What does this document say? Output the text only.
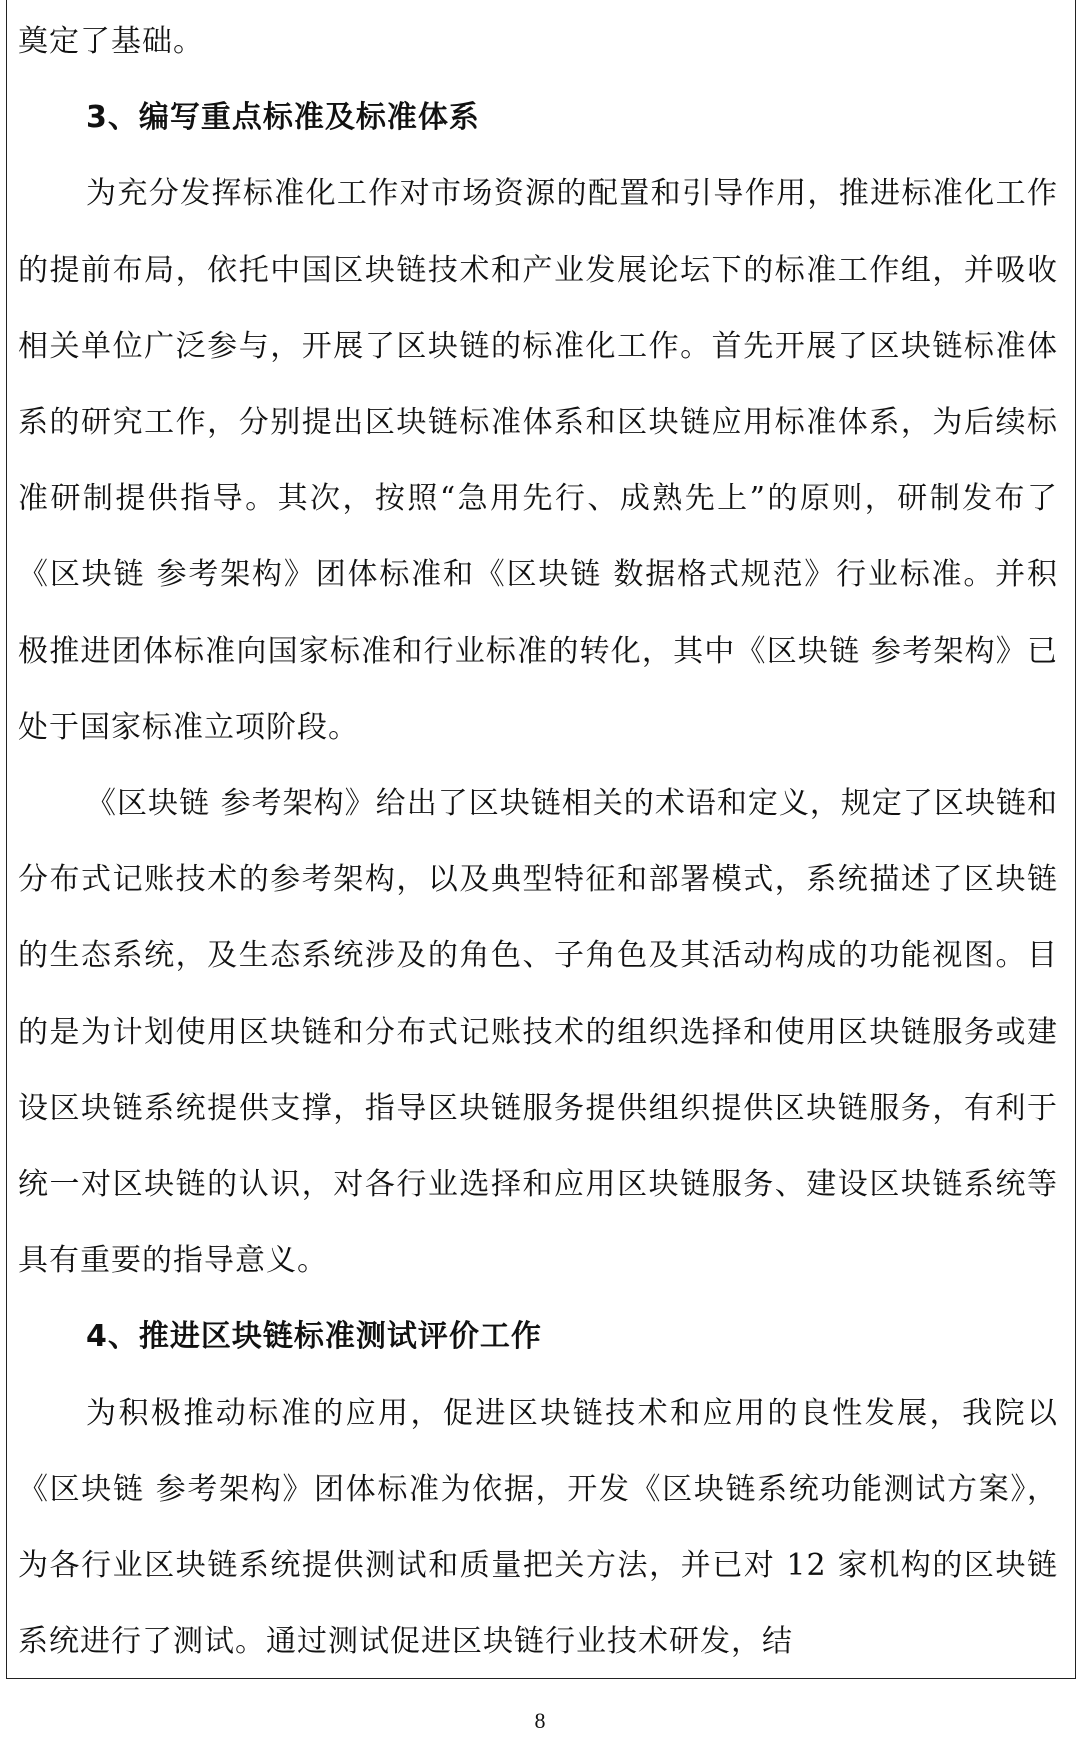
奠定了基础。

3、编写重点标准及标准体系

为充分发挥标准化工作对市场资源的配置和引导作用，推进标准化工作的提前布局，依托中国区块链技术和产业发展论坛下的标准工作组，并吸收相关单位广泛参与，开展了区块链的标准化工作。首先开展了区块链标准体系的研究工作，分别提出区块链标准体系和区块链应用标准体系，为后续标准研制提供指导。其次，按照“急用先行、成熟先上”的原则，研制发布了《区块链 参考架构》团体标准和《区块链 数据格式规范》行业标准。并积极推进团体标准向国家标准和行业标准的转化，其中《区块链 参考架构》已处于国家标准立项阶段。

《区块链 参考架构》给出了区块链相关的术语和定义，规定了区块链和分布式记账技术的参考架构，以及典型特征和部署模式，系统描述了区块链的生态系统，及生态系统涉及的角色、子角色及其活动构成的功能视图。目的是为计划使用区块链和分布式记账技术的组织选择和使用区块链服务或建设区块链系统提供支撑，指导区块链服务提供组织提供区块链服务，有利于统一对区块链的认识，对各行业选择和应用区块链服务、建设区块链系统等具有重要的指导意义。

4、推进区块链标准测试评价工作

为积极推动标准的应用，促进区块链技术和应用的良性发展，我院以《区块链 参考架构》团体标准为依据，开发《区块链系统功能测试方案》，为各行业区块链系统提供测试和质量把关方法，并已对 12 家机构的区块链系统进行了测试。通过测试促进区块链行业技术研发，结

8
